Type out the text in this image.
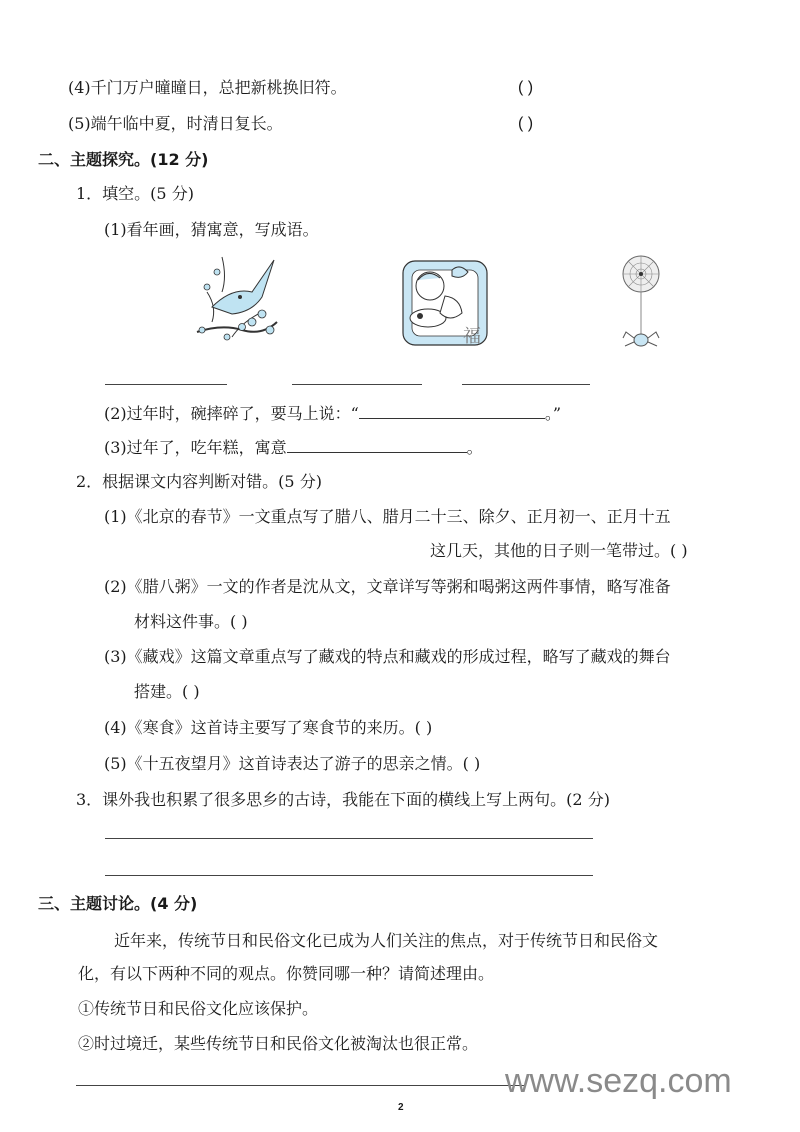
(4)千门万户曈曈日，总把新桃换旧符。	( )
(5)端午临中夏，时清日复长。	( )
二、主题探究。(12 分)
1．填空。(5 分)
(1)看年画，猜寓意，写成语。
福
(2)过年时，碗摔碎了，要马上说：“	。”
(3)过年了，吃年糕，寓意	。
2．根据课文内容判断对错。(5 分)
(1)《北京的春节》一文重点写了腊八、腊月二十三、除夕、正月初一、正月十五
这几天，其他的日子则一笔带过。( )
(2)《腊八粥》一文的作者是沈从文，文章详写等粥和喝粥这两件事情，略写准备
材料这件事。( )
(3)《藏戏》这篇文章重点写了藏戏的特点和藏戏的形成过程，略写了藏戏的舞台
搭建。( )
(4)《寒食》这首诗主要写了寒食节的来历。( )
(5)《十五夜望月》这首诗表达了游子的思亲之情。( )
3．课外我也积累了很多思乡的古诗，我能在下面的横线上写上两句。(2 分)
三、主题讨论。(4 分)
近年来，传统节日和民俗文化已成为人们关注的焦点，对于传统节日和民俗文
化，有以下两种不同的观点。你赞同哪一种？请简述理由。
①传统节日和民俗文化应该保护。
②时过境迁，某些传统节日和民俗文化被淘汰也很正常。
www.sezq.com
2
